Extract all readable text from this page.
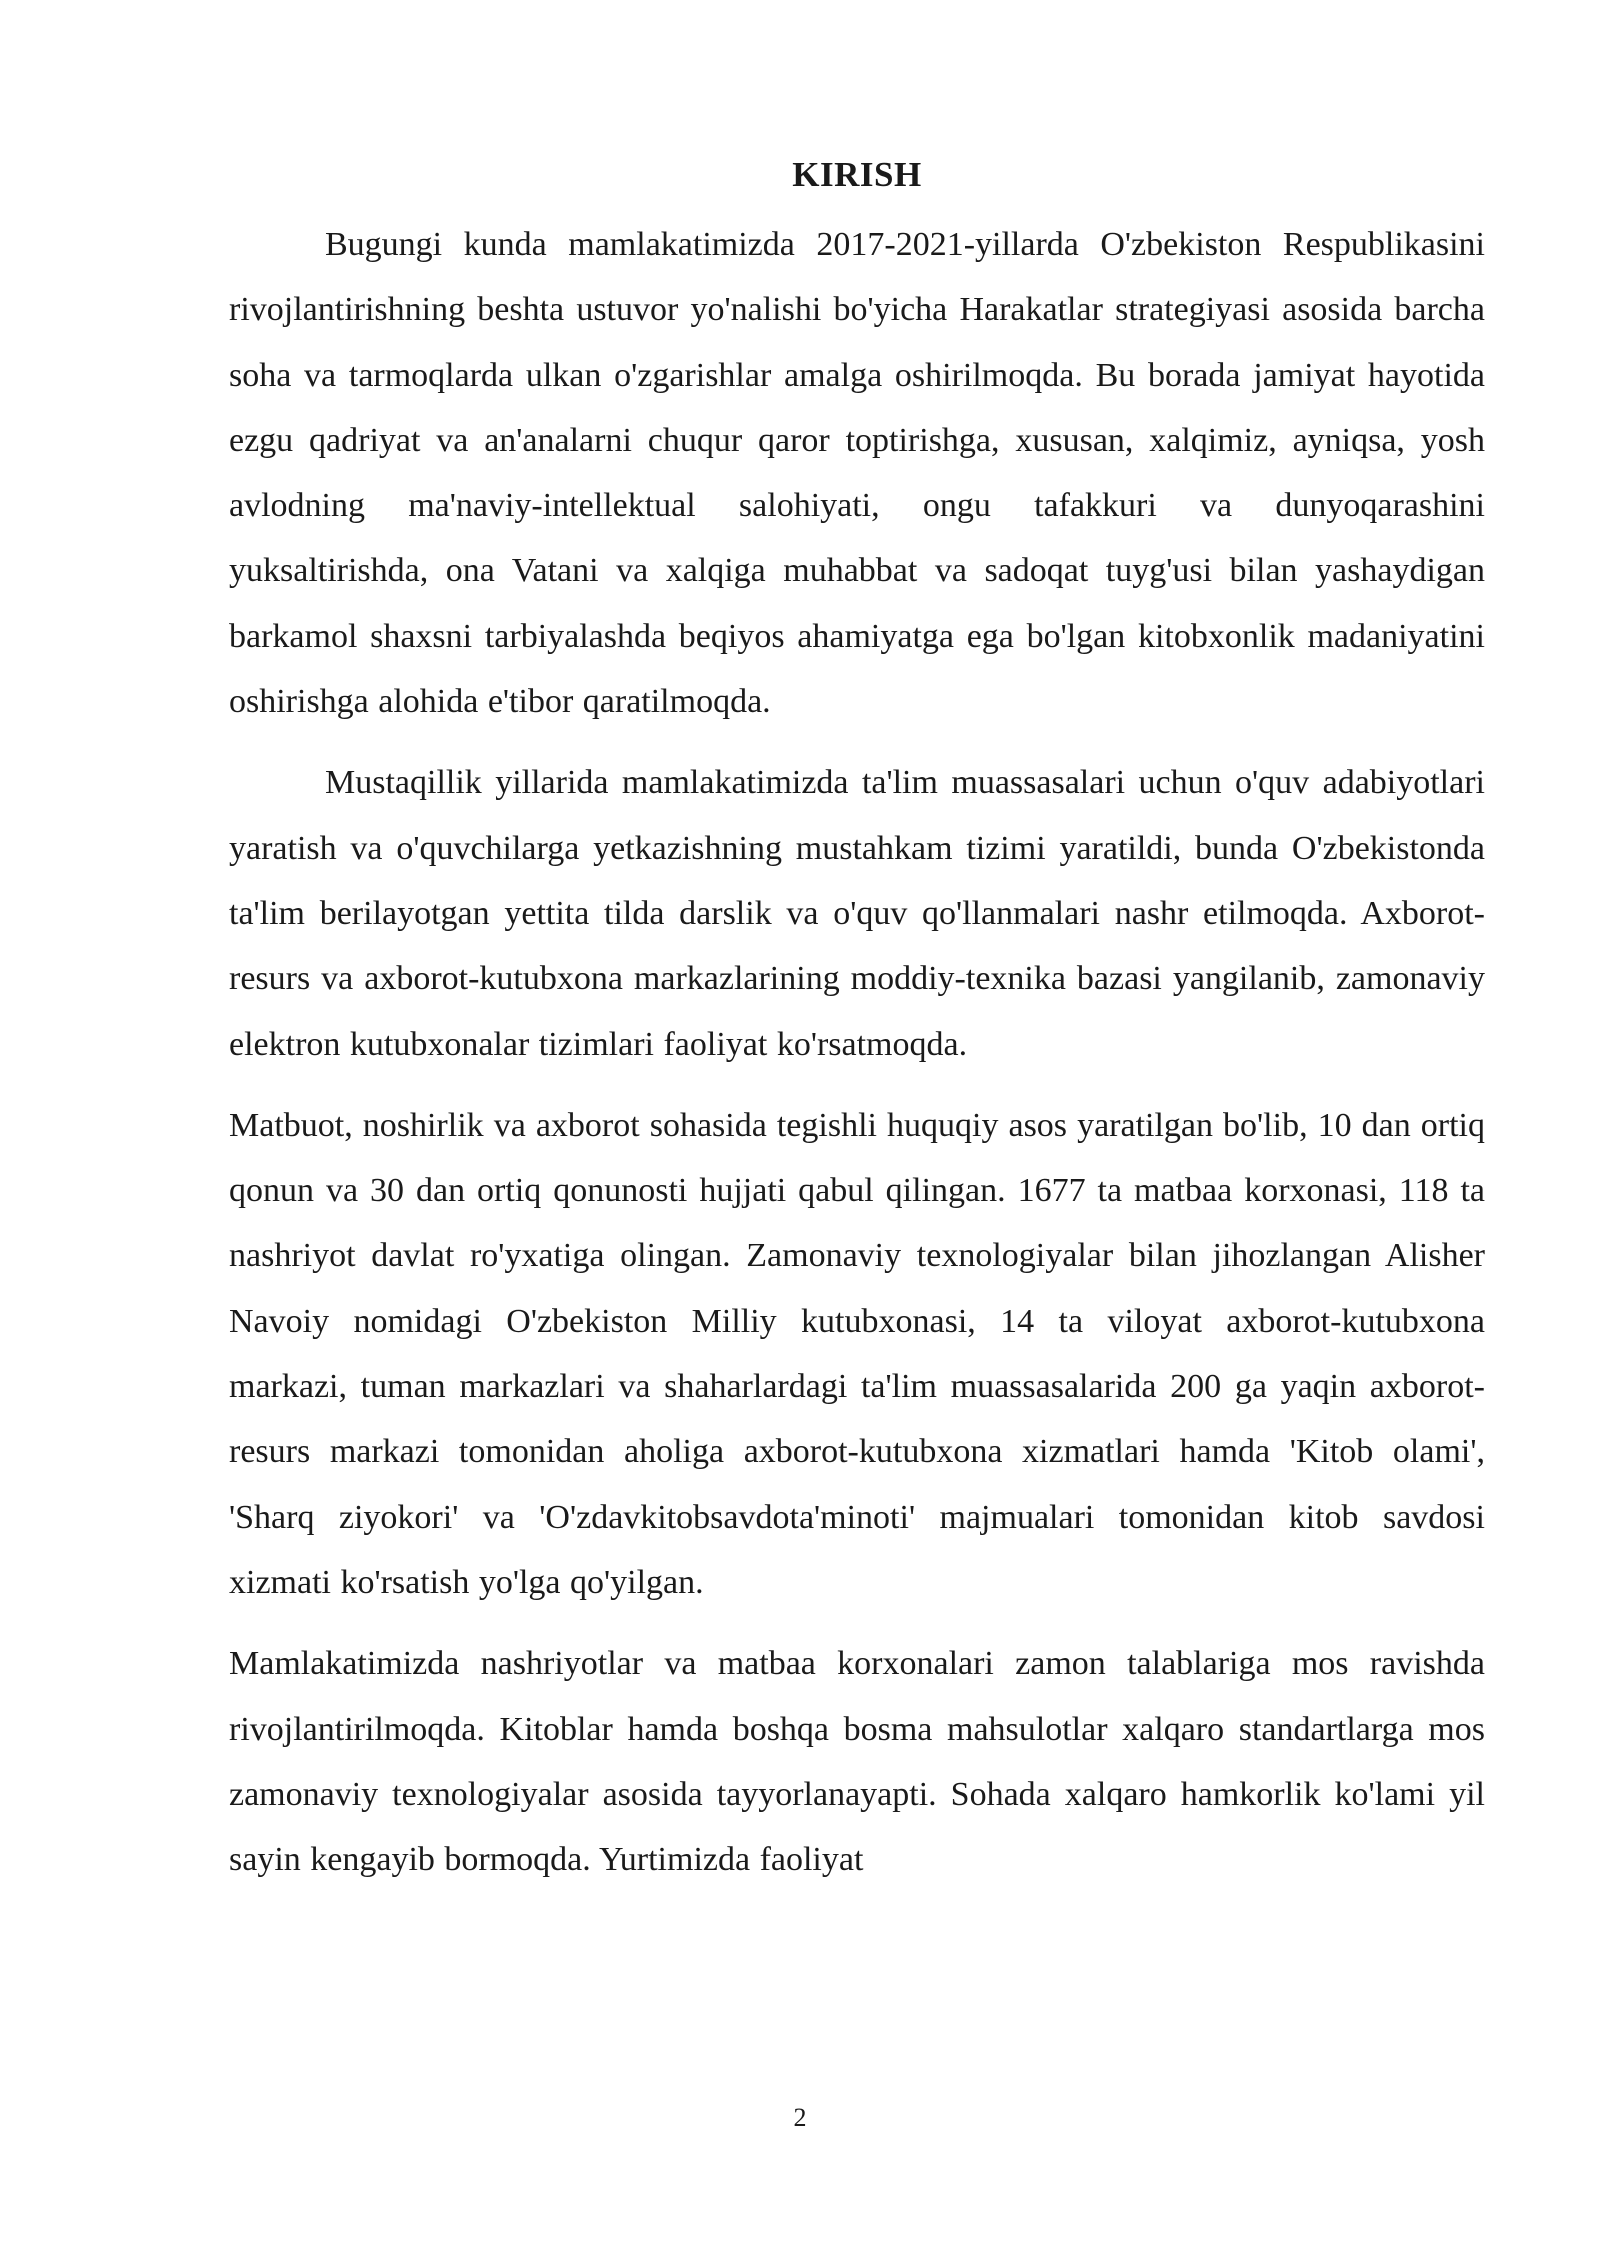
KIRISH

Bugungi kunda mamlakatimizda 2017-2021-yillarda O'zbekiston Respublikasini rivojlantirishning beshta ustuvor yo'nalishi bo'yicha Harakatlar strategiyasi asosida barcha soha va tarmoqlarda ulkan o'zgarishlar amalga oshirilmoqda. Bu borada jamiyat hayotida ezgu qadriyat va an'analarni chuqur qaror toptirishga, xususan, xalqimiz, ayniqsa, yosh avlodning ma'naviy-intellektual salohiyati, ongu tafakkuri va dunyoqarashini yuksaltirishda, ona Vatani va xalqiga muhabbat va sadoqat tuyg'usi bilan yashaydigan barkamol shaxsni tarbiyalashda beqiyos ahamiyatga ega bo'lgan kitobxonlik madaniyatini oshirishga alohida e'tibor qaratilmoqda.

Mustaqillik yillarida mamlakatimizda ta'lim muassasalari uchun o'quv adabiyotlari yaratish va o'quvchilarga yetkazishning mustahkam tizimi yaratildi, bunda O'zbekistonda ta'lim berilayotgan yettita tilda darslik va o'quv qo'llanmalari nashr etilmoqda. Axborot-resurs va axborot-kutubxona markazlarining moddiy-texnika bazasi yangilanib, zamonaviy elektron kutubxonalar tizimlari faoliyat ko'rsatmoqda.

Matbuot, noshirlik va axborot sohasida tegishli huquqiy asos yaratilgan bo'lib, 10 dan ortiq qonun va 30 dan ortiq qonunosti hujjati qabul qilingan. 1677 ta matbaa korxonasi, 118 ta nashriyot davlat ro'yxatiga olingan. Zamonaviy texnologiyalar bilan jihozlangan Alisher Navoiy nomidagi O'zbekiston Milliy kutubxonasi, 14 ta viloyat axborot-kutubxona markazi, tuman markazlari va shaharlardagi ta'lim muassasalarida 200 ga yaqin axborot-resurs markazi tomonidan aholiga axborot-kutubxona xizmatlari hamda 'Kitob olami', 'Sharq ziyokori' va 'O'zdavkitobsavdota'minoti' majmualari tomonidan kitob savdosi xizmati ko'rsatish yo'lga qo'yilgan.

Mamlakatimizda nashriyotlar va matbaa korxonalari zamon talablariga mos ravishda rivojlantirilmoqda. Kitoblar hamda boshqa bosma mahsulotlar xalqaro standartlarga mos zamonaviy texnologiyalar asosida tayyorlanayapti. Sohada xalqaro hamkorlik ko'lami yil sayin kengayib bormoqda. Yurtimizda faoliyat

2
